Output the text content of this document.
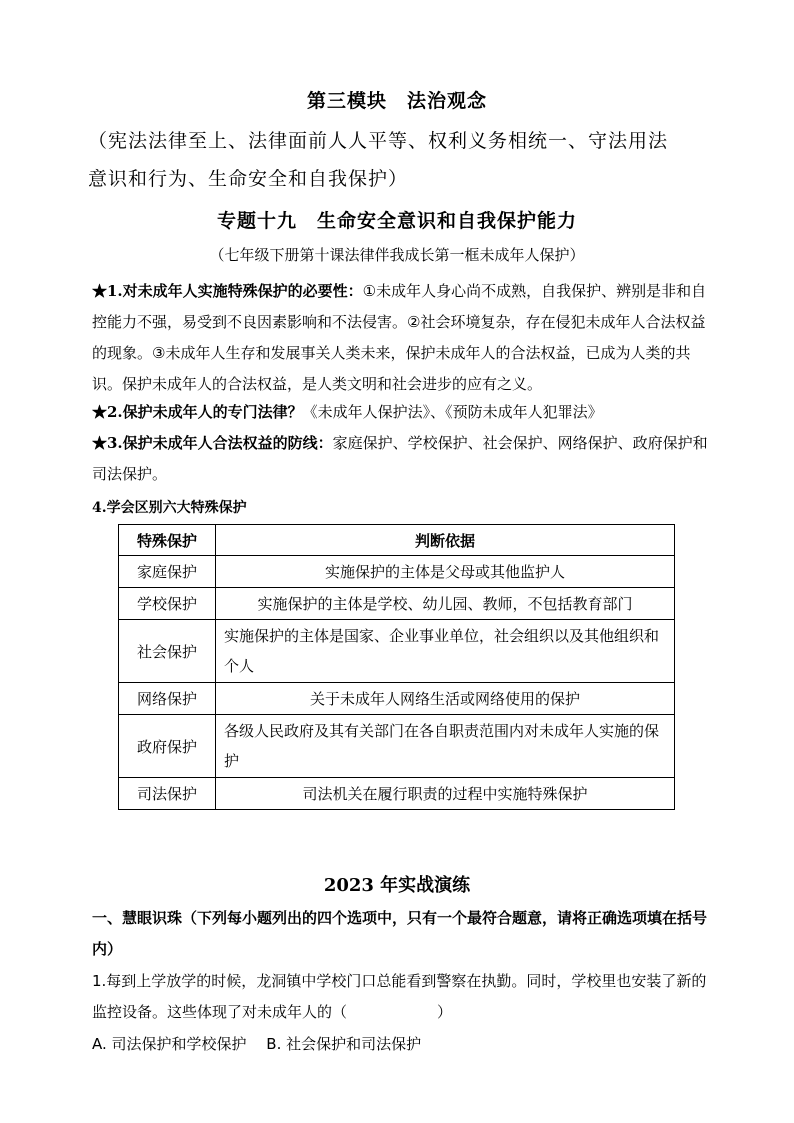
第三模块　法治观念
（宪法法律至上、法律面前人人平等、权利义务相统一、守法用法
意识和行为、生命安全和自我保护）
专题十九　生命安全意识和自我保护能力
（七年级下册第十课法律伴我成长第一框未成年人保护）
★1.对未成年人实施特殊保护的必要性：①未成年人身心尚不成熟，自我保护、辨别是非和自控能力不强，易受到不良因素影响和不法侵害。②社会环境复杂，存在侵犯未成年人合法权益的现象。③未成年人生存和发展事关人类未来，保护未成年人的合法权益，已成为人类的共识。保护未成年人的合法权益，是人类文明和社会进步的应有之义。
★2.保护未成年人的专门法律？《未成年人保护法》、《预防未成年人犯罪法》
★3.保护未成年人合法权益的防线：家庭保护、学校保护、社会保护、网络保护、政府保护和司法保护。
4.学会区别六大特殊保护
特殊保护	判断依据
家庭保护	实施保护的主体是父母或其他监护人
学校保护	实施保护的主体是学校、幼儿园、教师，不包括教育部门
社会保护	实施保护的主体是国家、企业事业单位，社会组织以及其他组织和个人
网络保护	关于未成年人网络生活或网络使用的保护
政府保护	各级人民政府及其有关部门在各自职责范围内对未成年人实施的保护
司法保护	司法机关在履行职责的过程中实施特殊保护
2023 年实战演练
一、慧眼识珠（下列每小题列出的四个选项中，只有一个最符合题意，请将正确选项填在括号内）
1.每到上学放学的时候，龙洞镇中学校门口总能看到警察在执勤。同时，学校里也安装了新的监控设备。这些体现了对未成年人的（　　　　　　）
A. 司法保护和学校保护　 B. 社会保护和司法保护
